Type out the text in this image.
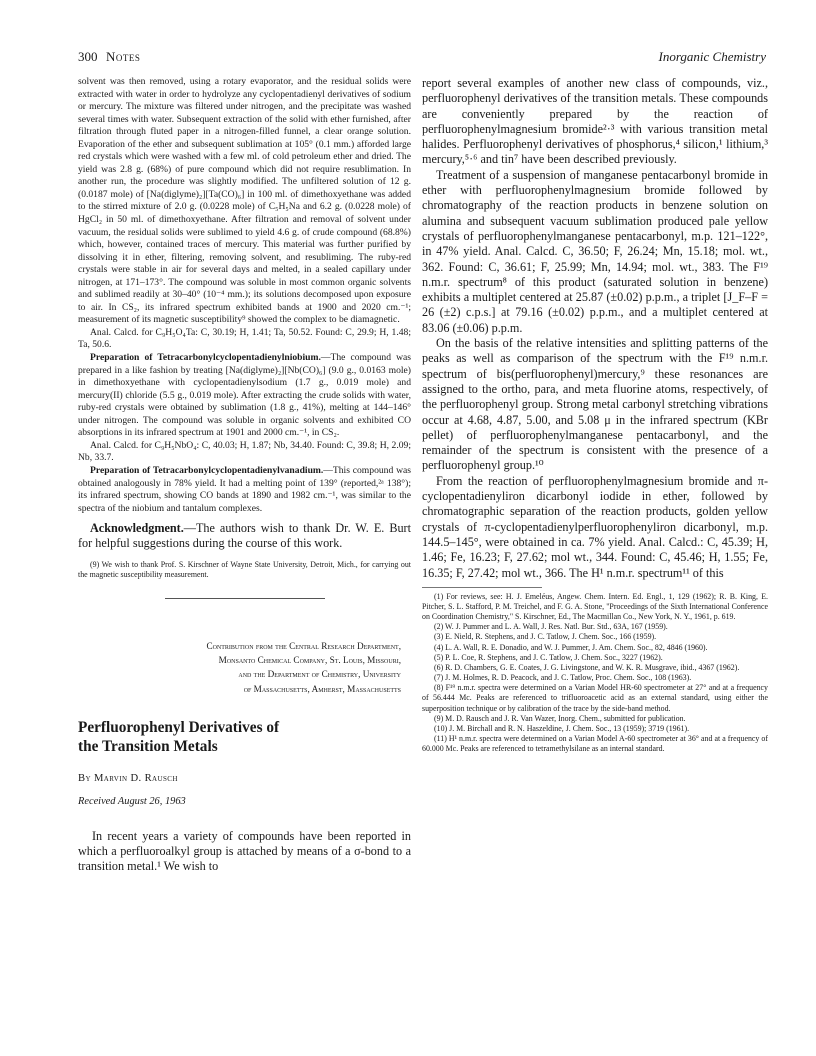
300 Notes	Inorganic Chemistry

solvent was then removed, using a rotary evaporator, and the residual solids were extracted with water in order to hydrolyze any cyclopentadienyl derivatives of sodium or mercury. The mixture was filtered under nitrogen, and the precipitate was washed several times with water. Subsequent extraction of the solid with ether furnished, after filtration through fluted paper in a nitrogen-filled funnel, a clear orange solution. Evaporation of the ether and subsequent sublimation at 105° (0.1 mm.) afforded large red crystals which were washed with a few ml. of cold petroleum ether and dried. The yield was 2.8 g. (68%) of pure compound which did not require resublimation. In another run, the procedure was slightly modified. The unfiltered solution of 12 g. (0.0187 mole) of [Na(diglyme)₂][Ta(CO)₆] in 100 ml. of dimethoxyethane was added to the stirred mixture of 2.0 g. (0.0228 mole) of C₅H₅Na and 6.2 g. (0.0228 mole) of HgCl₂ in 50 ml. of dimethoxyethane. After filtration and removal of solvent under vacuum, the residual solids were sublimed to yield 4.6 g. of crude compound (68.8%) which, however, contained traces of mercury. This material was further purified by dissolving it in ether, filtering, removing solvent, and resubliming. The ruby-red crystals were stable in air for several days and melted, in a sealed capillary under nitrogen, at 171–173°. The compound was soluble in most common organic solvents and sublimed readily at 30–40° (10⁻⁴ mm.); its solutions decomposed upon exposure to air. In CS₂, its infrared spectrum exhibited bands at 1900 and 2020 cm.⁻¹; measurement of its magnetic susceptibility⁹ showed the complex to be diamagnetic.

Anal. Calcd. for C₉H₅O₄Ta: C, 30.19; H, 1.41; Ta, 50.52. Found: C, 29.9; H, 1.48; Ta, 50.6.

Preparation of Tetracarbonylcyclopentadienylniobium.—The compound was prepared in a like fashion by treating [Na(diglyme)₂][Nb(CO)₆] (9.0 g., 0.0163 mole) in dimethoxyethane with cyclopentadienylsodium (1.7 g., 0.019 mole) and mercury(II) chloride (5.5 g., 0.019 mole). After extracting the crude solids with water, ruby-red crystals were obtained by sublimation (1.8 g., 41%), melting at 144–146° under nitrogen. The compound was soluble in organic solvents and exhibited CO absorptions in its infrared spectrum at 1901 and 2000 cm.⁻¹, in CS₂.

Anal. Calcd. for C₉H₅NbO₄: C, 40.03; H, 1.87; Nb, 34.40. Found: C, 39.8; H, 2.09; Nb, 33.7.

Preparation of Tetracarbonylcyclopentadienylvanadium.—This compound was obtained analogously in 78% yield. It had a melting point of 139° (reported,²ᵃ 138°); its infrared spectrum, showing CO bands at 1890 and 1982 cm.⁻¹, was similar to the spectra of the niobium and tantalum complexes.

Acknowledgment.—The authors wish to thank Dr. W. E. Burt for helpful suggestions during the course of this work.

(9) We wish to thank Prof. S. Kirschner of Wayne State University, Detroit, Mich., for carrying out the magnetic susceptibility measurement.

Contribution from the Central Research Department,
Monsanto Chemical Company, St. Louis, Missouri,
and the Department of Chemistry, University
of Massachusetts, Amherst, Massachusetts
Perfluorophenyl Derivatives of
the Transition Metals

By Marvin D. Rausch

Received August 26, 1963

In recent years a variety of compounds have been reported in which a perfluoroalkyl group is attached by means of a σ-bond to a transition metal.¹ We wish to

report several examples of another new class of compounds, viz., perfluorophenyl derivatives of the transition metals. These compounds are conveniently prepared by the reaction of perfluorophenylmagnesium bromide²·³ with various transition metal halides. Perfluorophenyl derivatives of phosphorus,⁴ silicon,¹ lithium,³ mercury,⁵·⁶ and tin⁷ have been described previously.

Treatment of a suspension of manganese pentacarbonyl bromide in ether with perfluorophenylmagnesium bromide followed by chromatography of the reaction products in benzene solution on alumina and subsequent vacuum sublimation produced pale yellow crystals of perfluorophenylmanganese pentacarbonyl, m.p. 121–122°, in 47% yield. Anal. Calcd. C, 36.50; F, 26.24; Mn, 15.18; mol. wt., 362. Found: C, 36.61; F, 25.99; Mn, 14.94; mol. wt., 383. The F¹⁹ n.m.r. spectrum⁸ of this product (saturated solution in benzene) exhibits a multiplet centered at 25.87 (±0.02) p.p.m., a triplet [J_F–F = 26 (±2) c.p.s.] at 79.16 (±0.02) p.p.m., and a multiplet centered at 83.06 (±0.06) p.p.m.

On the basis of the relative intensities and splitting patterns of the peaks as well as comparison of the spectrum with the F¹⁹ n.m.r. spectrum of bis(perfluorophenyl)mercury,⁹ these resonances are assigned to the ortho, para, and meta fluorine atoms, respectively, of the perfluorophenyl group. Strong metal carbonyl stretching vibrations occur at 4.68, 4.87, 5.00, and 5.08 μ in the infrared spectrum (KBr pellet) of perfluorophenylmanganese pentacarbonyl, and the remainder of the spectrum is consistent with the presence of a perfluorophenyl group.¹⁰

From the reaction of perfluorophenylmagnesium bromide and π-cyclopentadienyliron dicarbonyl iodide in ether, followed by chromatographic separation of the reaction products, golden yellow crystals of π-cyclopentadienylperfluorophenyliron dicarbonyl, m.p. 144.5–145°, were obtained in ca. 7% yield. Anal. Calcd.: C, 45.39; H, 1.46; Fe, 16.23; F, 27.62; mol wt., 344. Found: C, 45.46; H, 1.55; Fe, 16.35; F, 27.42; mol wt., 366. The H¹ n.m.r. spectrum¹¹ of this

(1) For reviews, see: H. J. Emeléus, Angew. Chem. Intern. Ed. Engl., 1, 129 (1962); R. B. King, E. Pitcher, S. L. Stafford, P. M. Treichel, and F. G. A. Stone, "Proceedings of the Sixth International Conference on Coordination Chemistry," S. Kirschner, Ed., The Macmillan Co., New York, N. Y., 1961, p. 619.

(2) W. J. Pummer and L. A. Wall, J. Res. Natl. Bur. Std., 63A, 167 (1959).

(3) E. Nield, R. Stephens, and J. C. Tatlow, J. Chem. Soc., 166 (1959).

(4) L. A. Wall, R. E. Donadio, and W. J. Pummer, J. Am. Chem. Soc., 82, 4846 (1960).

(5) P. L. Coe, R. Stephens, and J. C. Tatlow, J. Chem. Soc., 3227 (1962).

(6) R. D. Chambers, G. E. Coates, J. G. Livingstone, and W. K. R. Musgrave, ibid., 4367 (1962).

(7) J. M. Holmes, R. D. Peacock, and J. C. Tatlow, Proc. Chem. Soc., 108 (1963).

(8) F¹⁹ n.m.r. spectra were determined on a Varian Model HR-60 spectrometer at 27° and at a frequency of 56.444 Mc. Peaks are referenced to trifluoroacetic acid as an external standard, using either the superposition technique or by calibration of the trace by the side-band method.

(9) M. D. Rausch and J. R. Van Wazer, Inorg. Chem., submitted for publication.

(10) J. M. Birchall and R. N. Haszeldine, J. Chem. Soc., 13 (1959); 3719 (1961).

(11) H¹ n.m.r. spectra were determined on a Varian Model A-60 spectrometer at 36° and at a frequency of 60.000 Mc. Peaks are referenced to tetramethylsilane as an internal standard.
